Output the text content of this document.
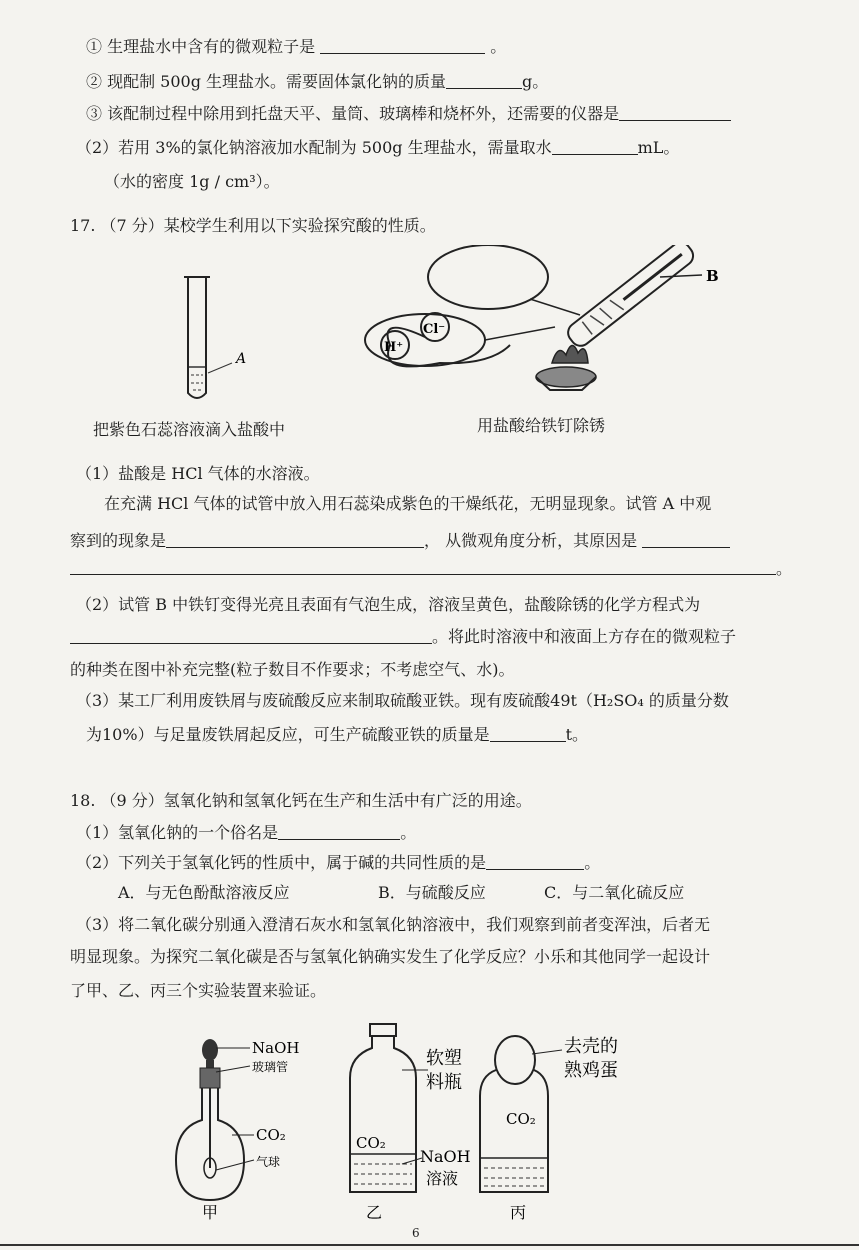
① 生理盐水中含有的微观粒子是	。
② 现配制 500g 生理盐水。需要固体氯化钠的质量	g。
③ 该配制过程中除用到托盘天平、量筒、玻璃棒和烧杯外，还需要的仪器是
（2）若用 3%的氯化钠溶液加水配制为 500g 生理盐水，需量取水	mL。
（水的密度 1g / cm³）。
17. （7 分）某校学生利用以下实验探究酸的性质。
A
H⁺
Cl⁻
B
把紫色石蕊溶液滴入盐酸中	用盐酸给铁钉除锈
（1）盐酸是 HCl 气体的水溶液。
在充满 HCl 气体的试管中放入用石蕊染成紫色的干燥纸花，无明显现象。试管 A 中观
察到的现象是	， 从微观角度分析，其原因是
。
（2）试管 B 中铁钉变得光亮且表面有气泡生成，溶液呈黄色，盐酸除锈的化学方程式为
。将此时溶液中和液面上方存在的微观粒子
的种类在图中补充完整(粒子数目不作要求；不考虑空气、水)。
（3）某工厂利用废铁屑与废硫酸反应来制取硫酸亚铁。现有废硫酸49t（H₂SO₄ 的质量分数
为10%）与足量废铁屑起反应，可生产硫酸亚铁的质量是	t。
18. （9 分）氢氧化钠和氢氧化钙在生产和生活中有广泛的用途。
（1）氢氧化钠的一个俗名是	。
（2）下列关于氢氧化钙的性质中，属于碱的共同性质的是	。
A．与无色酚酞溶液反应	B．与硫酸反应	C．与二氧化硫反应
（3）将二氧化碳分别通入澄清石灰水和氢氧化钠溶液中，我们观察到前者变浑浊，后者无
明显现象。为探究二氧化碳是否与氢氧化钠确实发生了化学反应？小乐和其他同学一起设计
了甲、乙、丙三个实验装置来验证。
NaOH
玻璃管
CO₂
气球
CO₂
软塑
料瓶
NaOH
溶液
CO₂
去壳的
熟鸡蛋
甲	乙	丙
6
